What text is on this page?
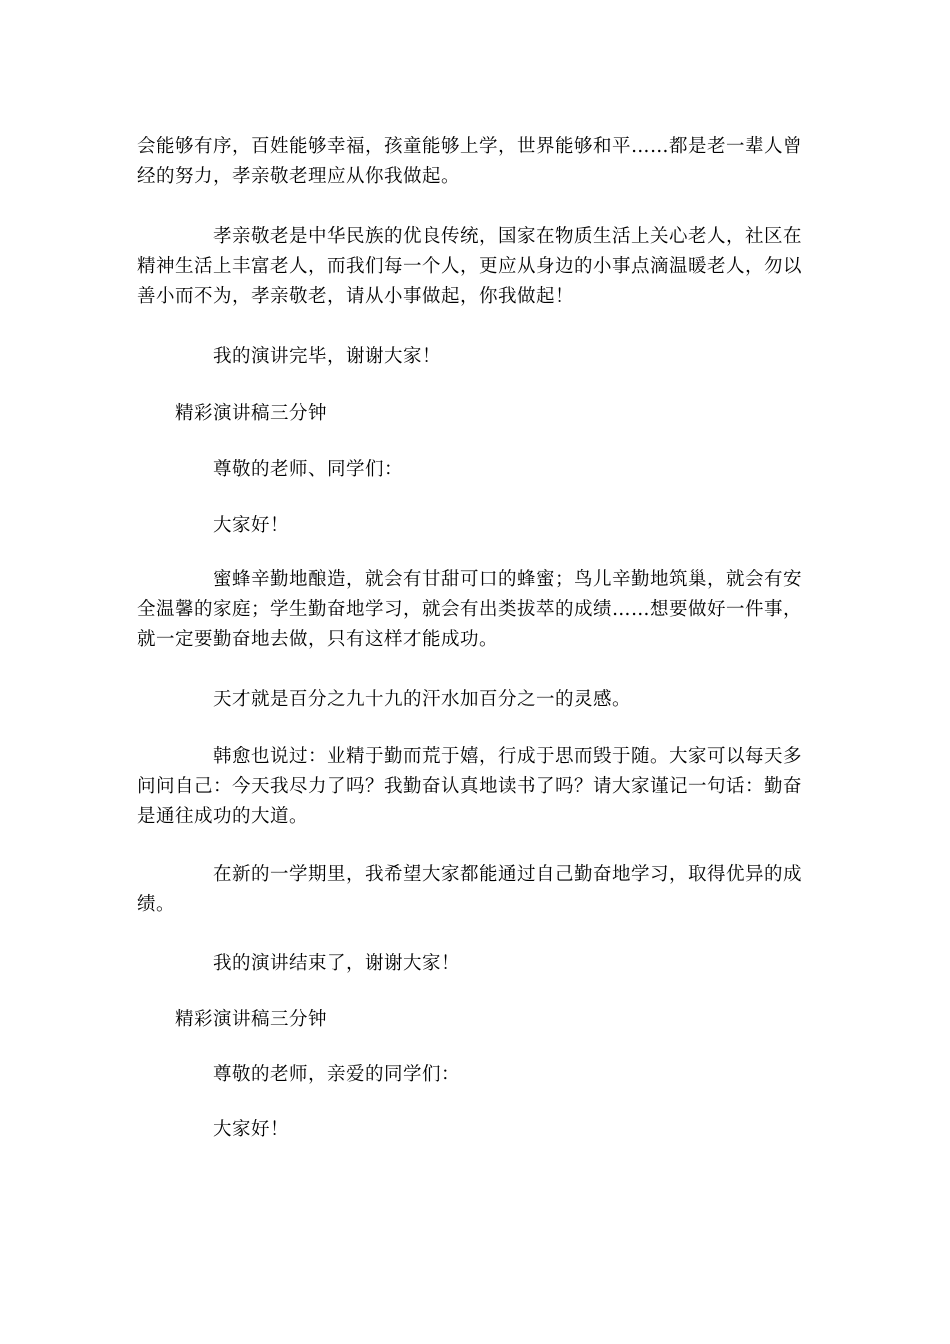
会能够有序，百姓能够幸福，孩童能够上学，世界能够和平……都是老一辈人曾经的努力，孝亲敬老理应从你我做起。

孝亲敬老是中华民族的优良传统，国家在物质生活上关心老人，社区在精神生活上丰富老人，而我们每一个人，更应从身边的小事点滴温暖老人，勿以善小而不为，孝亲敬老，请从小事做起，你我做起！

我的演讲完毕，谢谢大家！

精彩演讲稿三分钟

尊敬的老师、同学们：

大家好！

蜜蜂辛勤地酿造，就会有甘甜可口的蜂蜜；鸟儿辛勤地筑巢，就会有安全温馨的家庭；学生勤奋地学习，就会有出类拔萃的成绩……想要做好一件事，就一定要勤奋地去做，只有这样才能成功。

天才就是百分之九十九的汗水加百分之一的灵感。

韩愈也说过：业精于勤而荒于嬉，行成于思而毁于随。大家可以每天多问问自己：今天我尽力了吗？我勤奋认真地读书了吗？请大家谨记一句话：勤奋是通往成功的大道。

在新的一学期里，我希望大家都能通过自己勤奋地学习，取得优异的成绩。

我的演讲结束了，谢谢大家！

精彩演讲稿三分钟

尊敬的老师，亲爱的同学们：

大家好！
